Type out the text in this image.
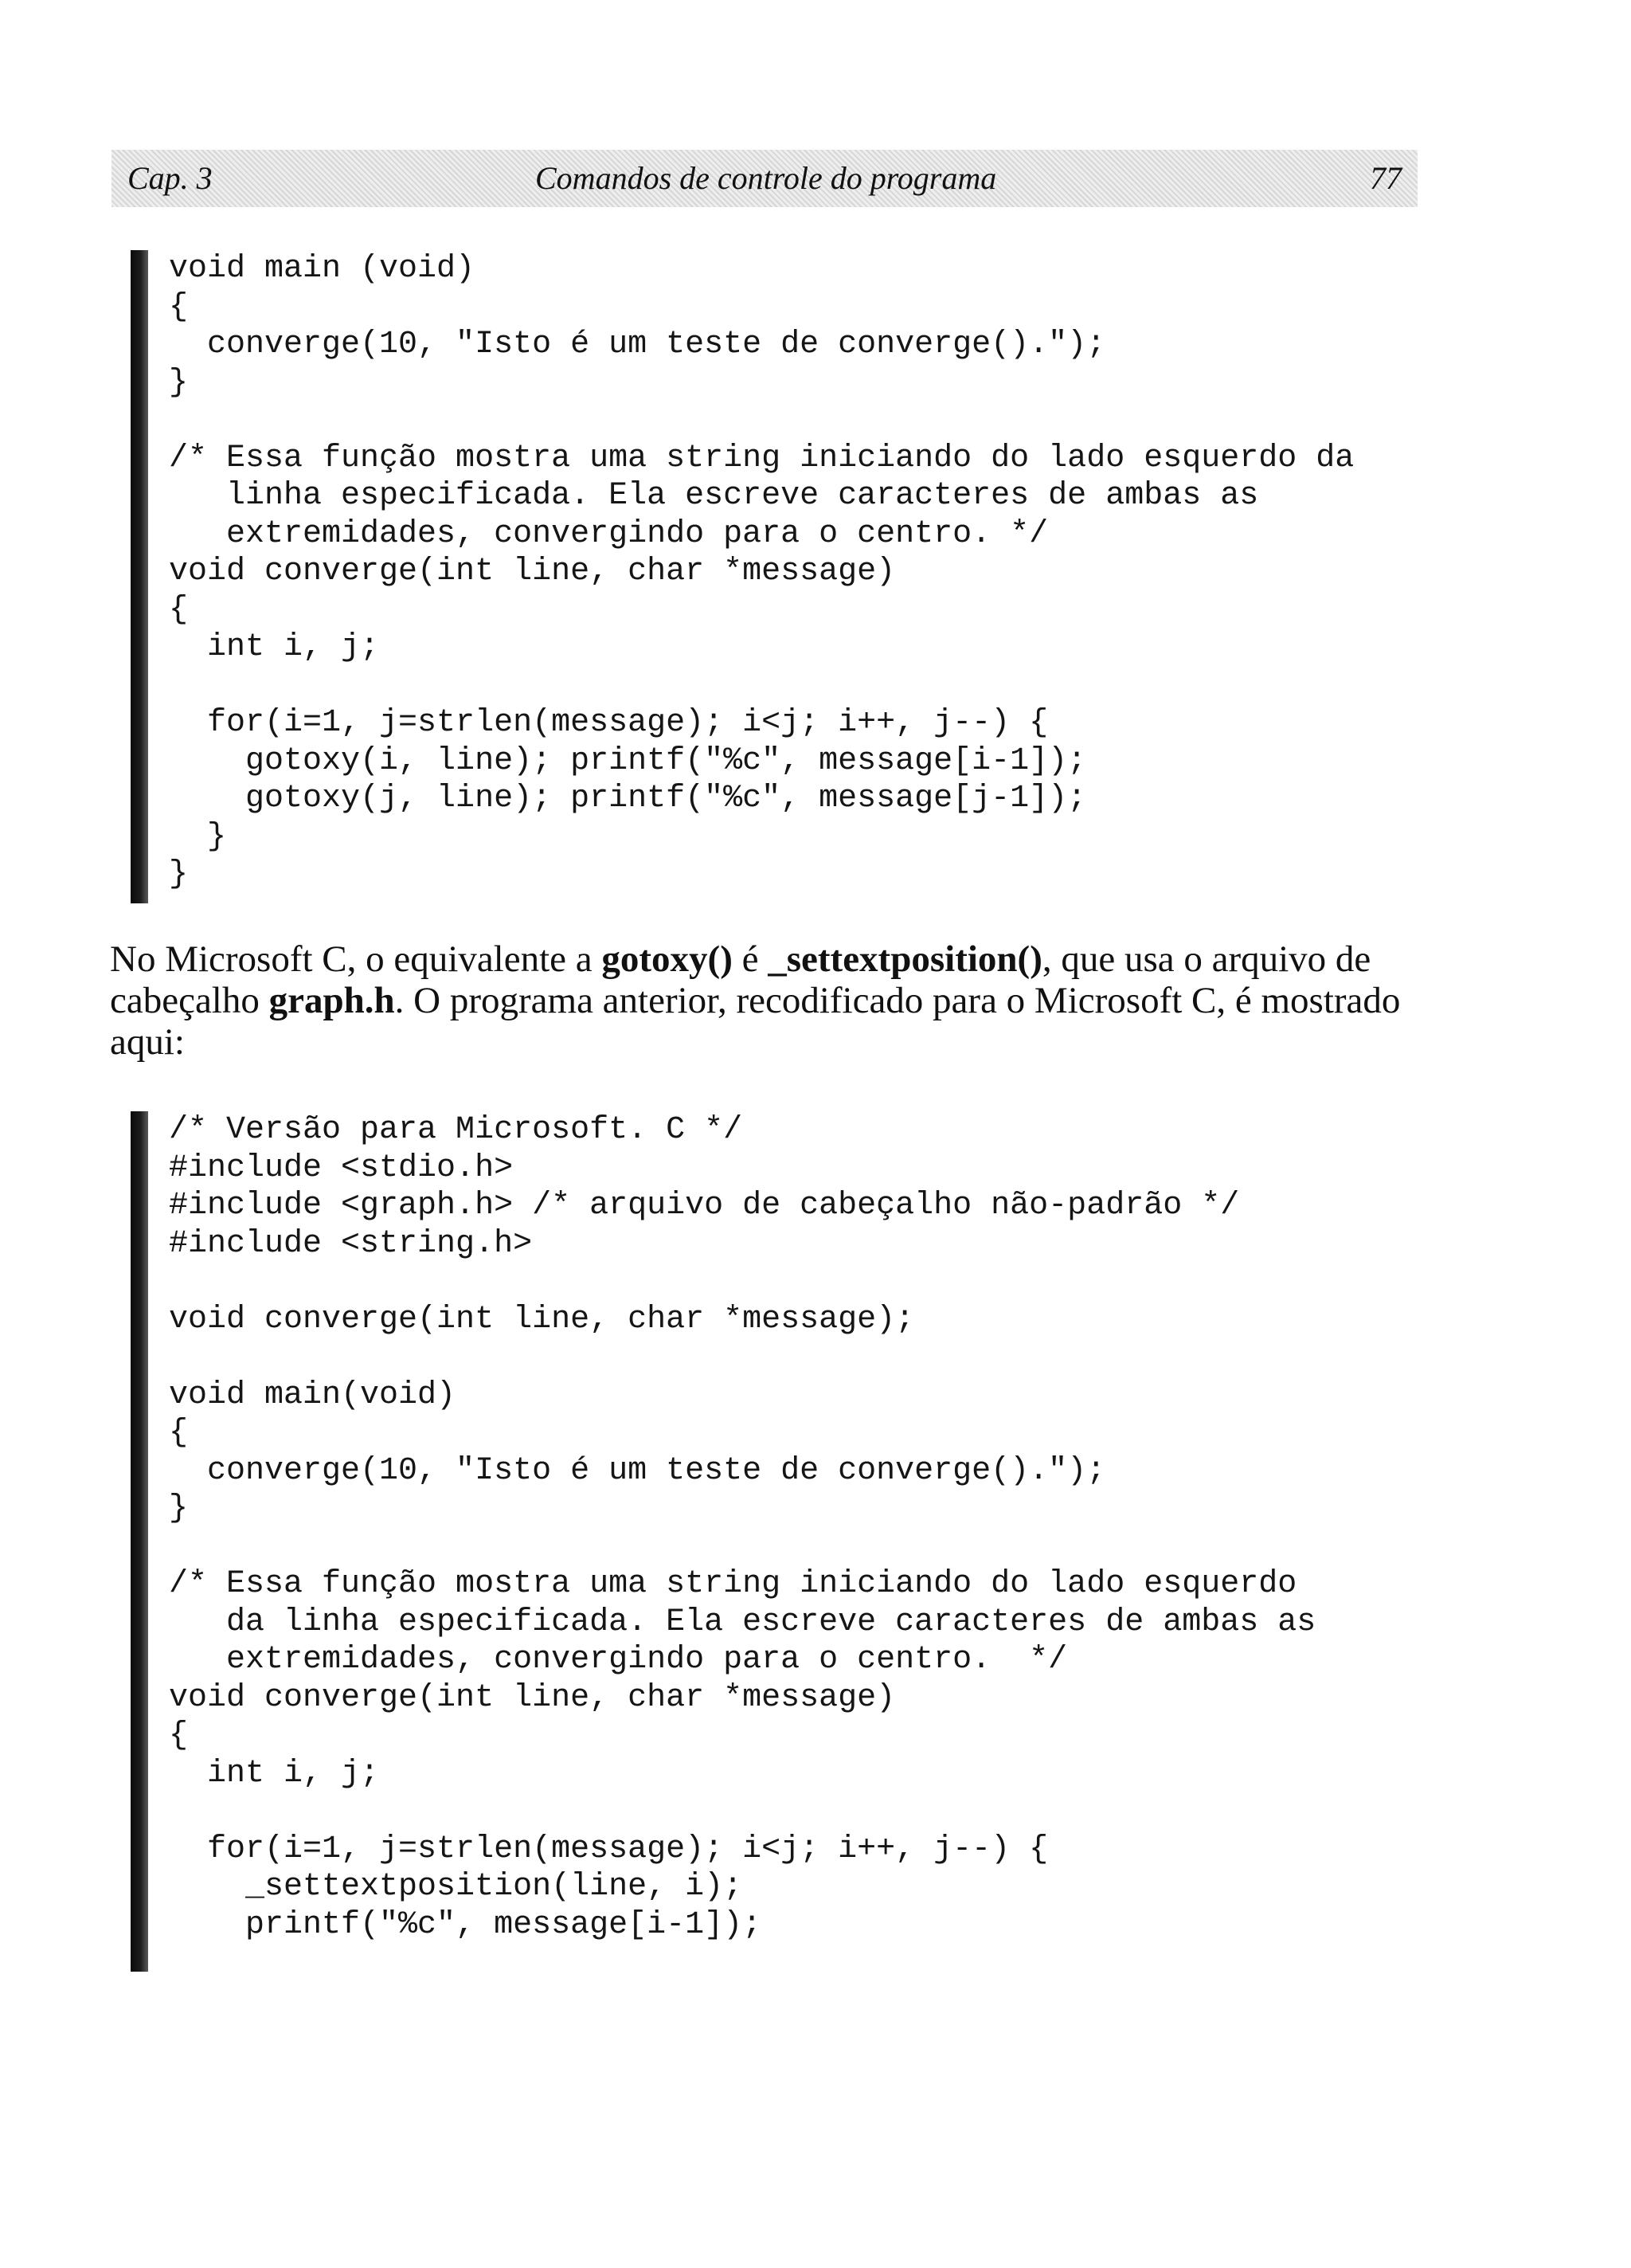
Cap. 3	Comandos de controle do programa	77
void main (void)
{
converge(10, "Isto é um teste de converge().");
}
/* Essa função mostra uma string iniciando do lado esquerdo da
linha especificada. Ela escreve caracteres de ambas as
extremidades, convergindo para o centro. */
void converge(int line, char *message)
{
int i, j;
for(i=1, j=strlen(message); i<j; i++, j--) {
gotoxy(i, line); printf("%c", message[i-1]);
gotoxy(j, line); printf("%c", message[j-1]);
}
}

No Microsoft C, o equivalente a gotoxy() é _settextposition(), que usa o arquivo de cabeçalho graph.h. O programa anterior, recodificado para o Microsoft C, é mostrado aqui:

/* Versão para Microsoft. C */
#include <stdio.h>
#include <graph.h> /* arquivo de cabeçalho não-padrão */
#include <string.h>
void converge(int line, char *message);
void main(void)
{
converge(10, "Isto é um teste de converge().");
}
/* Essa função mostra uma string iniciando do lado esquerdo
da linha especificada. Ela escreve caracteres de ambas as
extremidades, convergindo para o centro.  */
void converge(int line, char *message)
{
int i, j;
for(i=1, j=strlen(message); i<j; i++, j--) {
_settextposition(line, i);
printf("%c", message[i-1]);
